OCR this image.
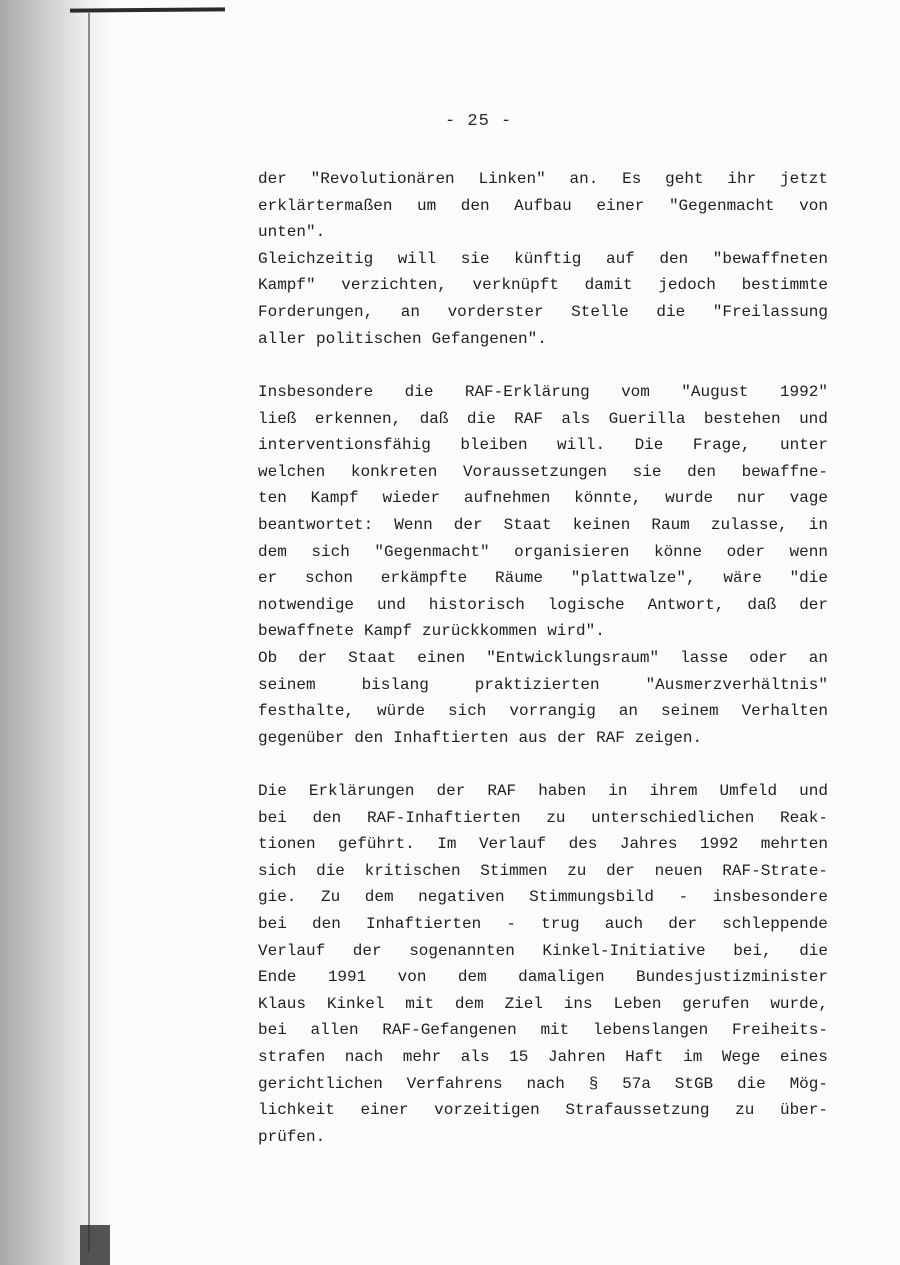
- 25 -
der "Revolutionären Linken" an. Es geht ihr jetzt
erklärtermaßen um den Aufbau einer "Gegenmacht von
unten".
Gleichzeitig will sie künftig auf den "bewaffneten
Kampf" verzichten, verknüpft damit jedoch bestimmte
Forderungen, an vorderster Stelle die "Freilassung
aller politischen Gefangenen".
Insbesondere die RAF-Erklärung vom "August 1992"
ließ erkennen, daß die RAF als Guerilla bestehen und
interventionsfähig bleiben will. Die Frage, unter
welchen konkreten Voraussetzungen sie den bewaffne-
ten Kampf wieder aufnehmen könnte, wurde nur vage
beantwortet: Wenn der Staat keinen Raum zulasse, in
dem sich "Gegenmacht" organisieren könne oder wenn
er schon erkämpfte Räume "plattwalze", wäre "die
notwendige und historisch logische Antwort, daß der
bewaffnete Kampf zurückkommen wird".
Ob der Staat einen "Entwicklungsraum" lasse oder an
seinem	bislang	praktizierten	"Ausmerzverhältnis"
festhalte, würde sich vorrangig an seinem Verhalten
gegenüber den Inhaftierten aus der RAF zeigen.
Die Erklärungen der RAF haben in ihrem Umfeld und
bei den RAF-Inhaftierten zu unterschiedlichen Reak-
tionen geführt. Im Verlauf des Jahres 1992 mehrten
sich die kritischen Stimmen zu der neuen RAF-Strate-
gie. Zu dem negativen Stimmungsbild - insbesondere
bei den Inhaftierten - trug auch der schleppende
Verlauf der sogenannten Kinkel-Initiative bei, die
Ende 1991 von dem damaligen Bundesjustizminister
Klaus Kinkel mit dem Ziel ins Leben gerufen wurde,
bei allen RAF-Gefangenen mit lebenslangen Freiheits-
strafen nach mehr als 15 Jahren Haft im Wege eines
gerichtlichen Verfahrens nach § 57a StGB die Mög-
lichkeit einer vorzeitigen Strafaussetzung zu über-
prüfen.
